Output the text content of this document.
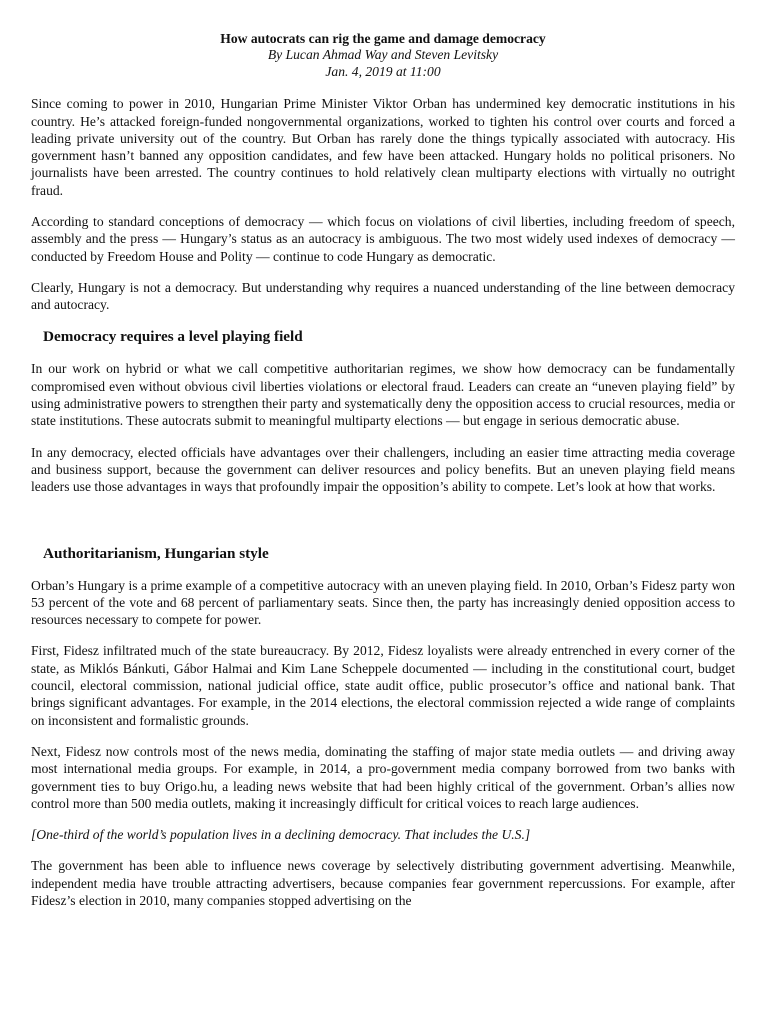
How autocrats can rig the game and damage democracy
By Lucan Ahmad Way and Steven Levitsky
Jan. 4, 2019 at 11:00

Since coming to power in 2010, Hungarian Prime Minister Viktor Orban has undermined key democratic institutions in his country. He’s attacked foreign-funded nongovernmental organizations, worked to tighten his control over courts and forced a leading private university out of the country. But Orban has rarely done the things typically associated with autocracy. His government hasn’t banned any opposition candidates, and few have been attacked. Hungary holds no political prisoners. No journalists have been arrested. The country continues to hold relatively clean multiparty elections with virtually no outright fraud.

According to standard conceptions of democracy — which focus on violations of civil liberties, including freedom of speech, assembly and the press — Hungary’s status as an autocracy is ambiguous. The two most widely used indexes of democracy — conducted by Freedom House and Polity — continue to code Hungary as democratic.

Clearly, Hungary is not a democracy. But understanding why requires a nuanced understanding of the line between democracy and autocracy.

Democracy requires a level playing field

In our work on hybrid or what we call competitive authoritarian regimes, we show how democracy can be fundamentally compromised even without obvious civil liberties violations or electoral fraud. Leaders can create an “uneven playing field” by using administrative powers to strengthen their party and systematically deny the opposition access to crucial resources, media or state institutions. These autocrats submit to meaningful multiparty elections — but engage in serious democratic abuse.

In any democracy, elected officials have advantages over their challengers, including an easier time attracting media coverage and business support, because the government can deliver resources and policy benefits. But an uneven playing field means leaders use those advantages in ways that profoundly impair the opposition’s ability to compete. Let’s look at how that works.

Authoritarianism, Hungarian style

Orban’s Hungary is a prime example of a competitive autocracy with an uneven playing field. In 2010, Orban’s Fidesz party won 53 percent of the vote and 68 percent of parliamentary seats. Since then, the party has increasingly denied opposition access to resources necessary to compete for power.

First, Fidesz infiltrated much of the state bureaucracy. By 2012, Fidesz loyalists were already entrenched in every corner of the state, as Miklós Bánkuti, Gábor Halmai and Kim Lane Scheppele documented — including in the constitutional court, budget council, electoral commission, national judicial office, state audit office, public prosecutor’s office and national bank. That brings significant advantages. For example, in the 2014 elections, the electoral commission rejected a wide range of complaints on inconsistent and formalistic grounds.

Next, Fidesz now controls most of the news media, dominating the staffing of major state media outlets — and driving away most international media groups. For example, in 2014, a pro-government media company borrowed from two banks with government ties to buy Origo.hu, a leading news website that had been highly critical of the government. Orban’s allies now control more than 500 media outlets, making it increasingly difficult for critical voices to reach large audiences.

[One-third of the world’s population lives in a declining democracy. That includes the U.S.]

The government has been able to influence news coverage by selectively distributing government advertising. Meanwhile, independent media have trouble attracting advertisers, because companies fear government repercussions. For example, after Fidesz’s election in 2010, many companies stopped advertising on the
